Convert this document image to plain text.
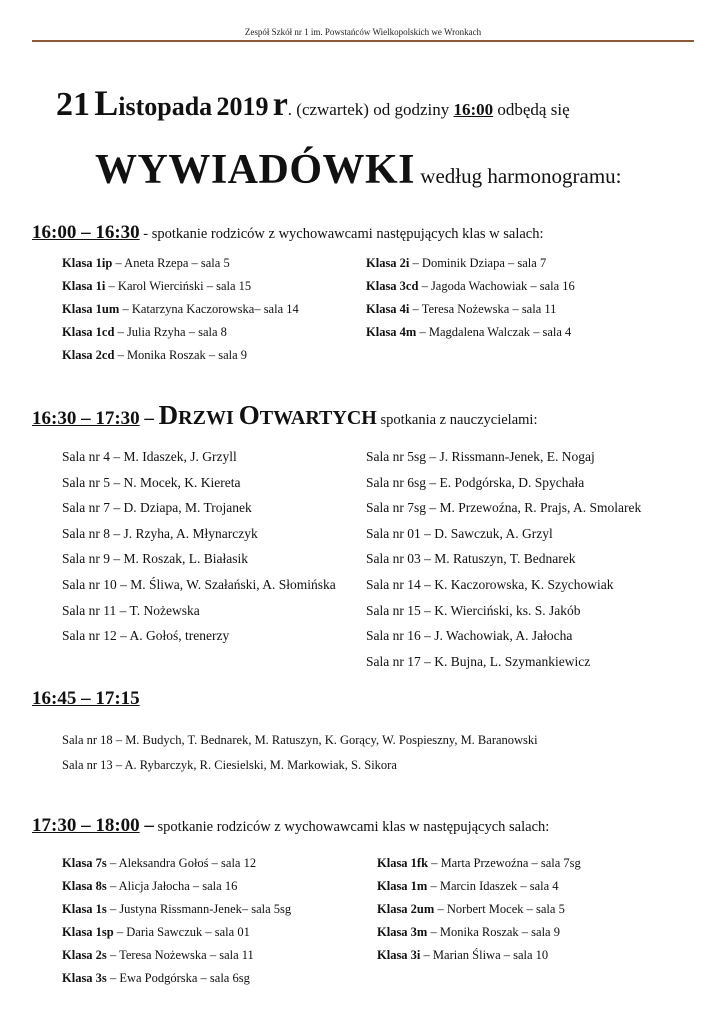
Zespół Szkół nr 1 im. Powstańców Wielkopolskich we Wronkach
21 Listopada 2019 r. (czwartek) od godziny 16:00 odbędą się
WYWIADÓWKI według harmonogramu:
16:00 – 16:30 - spotkanie rodziców z wychowawcami następujących klas w salach:
Klasa 1ip – Aneta Rzepa – sala 5
Klasa 1i – Karol Wierciński – sala 15
Klasa 1um – Katarzyna Kaczorowska– sala 14
Klasa 1cd – Julia Rzyha – sala 8
Klasa 2cd – Monika Roszak – sala 9
Klasa 2i – Dominik Dziapa – sala 7
Klasa 3cd – Jagoda Wachowiak – sala 16
Klasa 4i – Teresa Nożewska – sala 11
Klasa 4m – Magdalena Walczak – sala 4
16:30 – 17:30 – DRZWI OTWARTYCH spotkania z nauczycielami:
Sala nr 4 – M. Idaszek, J. Grzyll
Sala nr 5 – N. Mocek, K. Kiereta
Sala nr 7 – D. Dziapa, M. Trojanek
Sala nr 8 – J. Rzyha, A. Młynarczyk
Sala nr 9 – M. Roszak, L. Białasik
Sala nr 10 – M. Śliwa, W. Szałański, A. Słomińska
Sala nr 11 – T. Nożewska
Sala nr 12 – A. Gołoś, trenerzy
Sala nr 5sg – J. Rissmann-Jenek, E. Nogaj
Sala nr 6sg – E. Podgórska, D. Spychała
Sala nr 7sg – M. Przewoźna, R. Prajs, A. Smolarek
Sala nr 01 – D. Sawczuk, A. Grzyl
Sala nr 03 – M. Ratuszyn, T. Bednarek
Sala nr 14 – K. Kaczorowska, K. Szychowiak
Sala nr 15 – K. Wierciński, ks. S. Jakób
Sala nr 16 – J. Wachowiak, A. Jałocha
Sala nr 17 – K. Bujna, L. Szymankiewicz
16:45 – 17:15
Sala nr 18 – M. Budych, T. Bednarek, M. Ratuszyn, K. Gorący, W. Pospieszny, M. Baranowski
Sala nr 13 – A. Rybarczyk, R. Ciesielski, M. Markowiak, S. Sikora
17:30 – 18:00 – spotkanie rodziców z wychowawcami klas w następujących salach:
Klasa 7s – Aleksandra Gołoś – sala 12
Klasa 8s – Alicja Jałocha – sala 16
Klasa 1s – Justyna Rissmann-Jenek– sala 5sg
Klasa 1sp – Daria Sawczuk – sala 01
Klasa 2s – Teresa Nożewska – sala 11
Klasa 3s – Ewa Podgórska – sala 6sg
Klasa 1fk – Marta Przewoźna – sala 7sg
Klasa 1m – Marcin Idaszek – sala 4
Klasa 2um – Norbert Mocek – sala 5
Klasa 3m – Monika Roszak – sala 9
Klasa 3i – Marian Śliwa – sala 10
